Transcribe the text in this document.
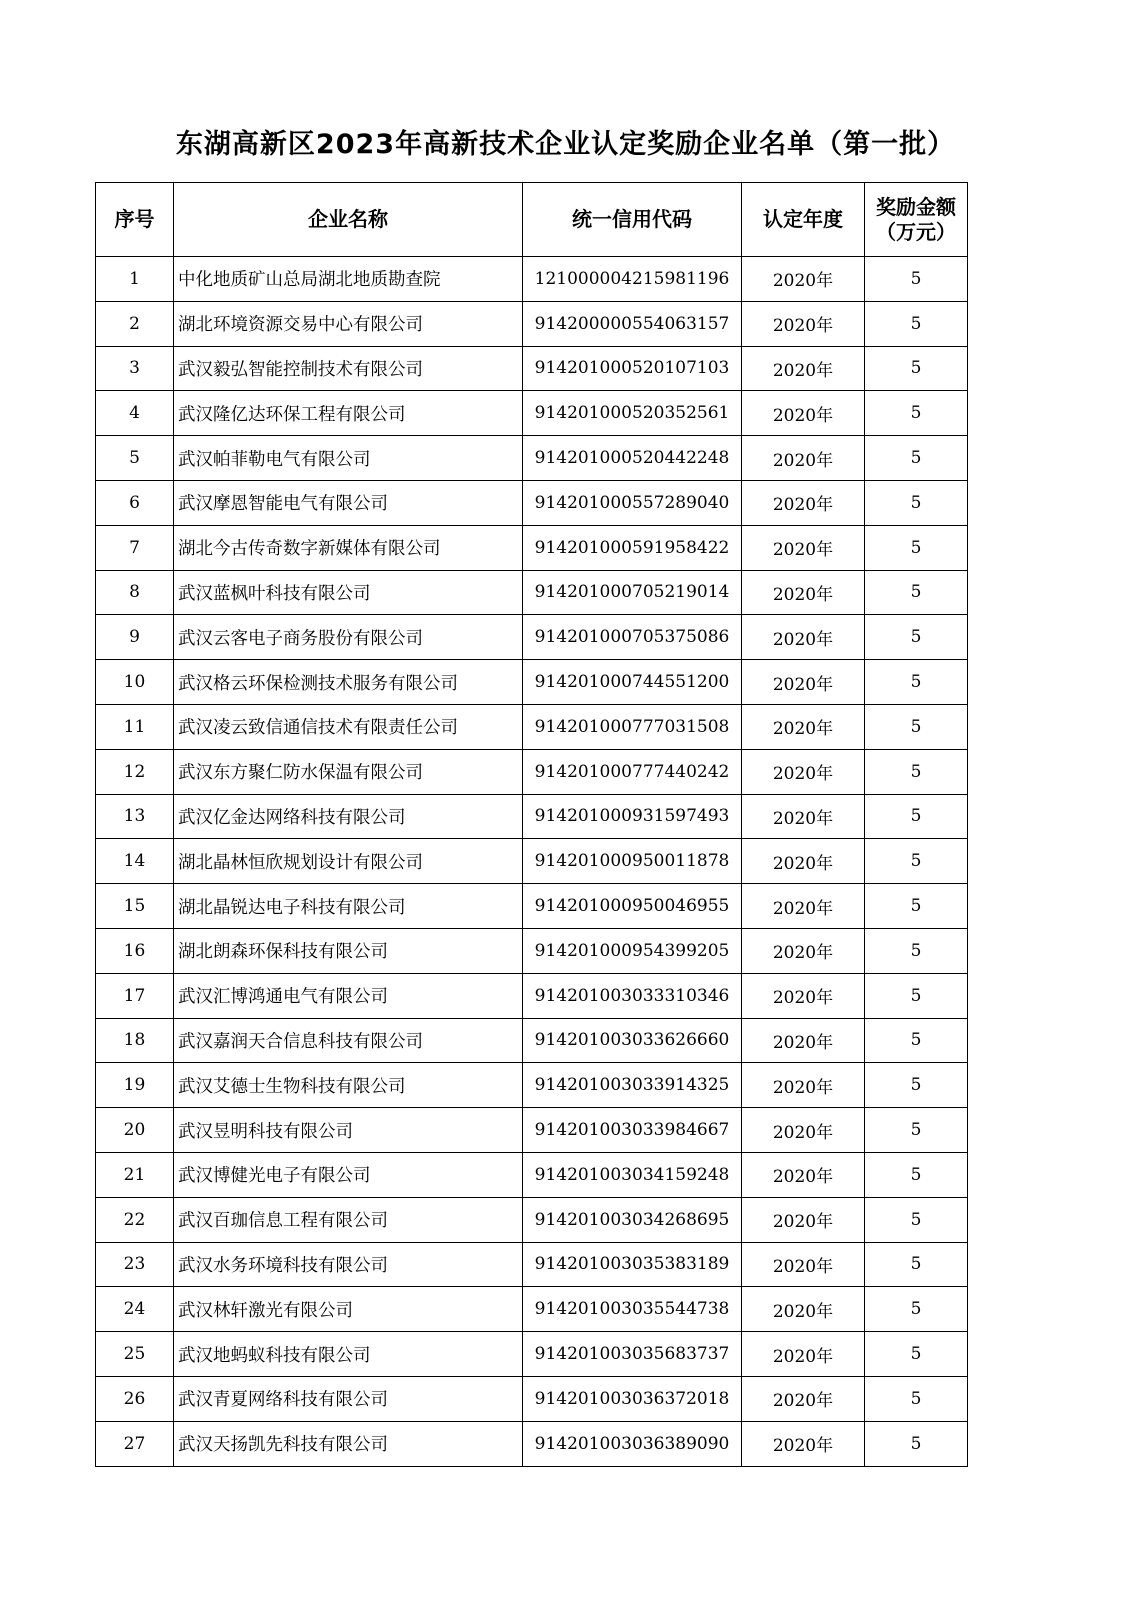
东湖高新区2023年高新技术企业认定奖励企业名单（第一批）
序号	企业名称	统一信用代码	认定年度	奖励金额
（万元）

1	中化地质矿山总局湖北地质勘查院	121000004215981196	2020年	5
2	湖北环境资源交易中心有限公司	914200000554063157	2020年	5
3	武汉毅弘智能控制技术有限公司	914201000520107103	2020年	5
4	武汉隆亿达环保工程有限公司	914201000520352561	2020年	5
5	武汉帕菲勒电气有限公司	914201000520442248	2020年	5
6	武汉摩恩智能电气有限公司	914201000557289040	2020年	5
7	湖北今古传奇数字新媒体有限公司	914201000591958422	2020年	5
8	武汉蓝枫叶科技有限公司	914201000705219014	2020年	5
9	武汉云客电子商务股份有限公司	914201000705375086	2020年	5
10	武汉格云环保检测技术服务有限公司	914201000744551200	2020年	5
11	武汉凌云致信通信技术有限责任公司	914201000777031508	2020年	5
12	武汉东方聚仁防水保温有限公司	914201000777440242	2020年	5
13	武汉亿金达网络科技有限公司	914201000931597493	2020年	5
14	湖北晶林恒欣规划设计有限公司	914201000950011878	2020年	5
15	湖北晶锐达电子科技有限公司	914201000950046955	2020年	5
16	湖北朗森环保科技有限公司	914201000954399205	2020年	5
17	武汉汇博鸿通电气有限公司	914201003033310346	2020年	5
18	武汉嘉润天合信息科技有限公司	914201003033626660	2020年	5
19	武汉艾德士生物科技有限公司	914201003033914325	2020年	5
20	武汉昱明科技有限公司	914201003033984667	2020年	5
21	武汉博健光电子有限公司	914201003034159248	2020年	5
22	武汉百珈信息工程有限公司	914201003034268695	2020年	5
23	武汉水务环境科技有限公司	914201003035383189	2020年	5
24	武汉林轩激光有限公司	914201003035544738	2020年	5
25	武汉地蚂蚁科技有限公司	914201003035683737	2020年	5
26	武汉青夏网络科技有限公司	914201003036372018	2020年	5
27	武汉天扬凯先科技有限公司	914201003036389090	2020年	5
